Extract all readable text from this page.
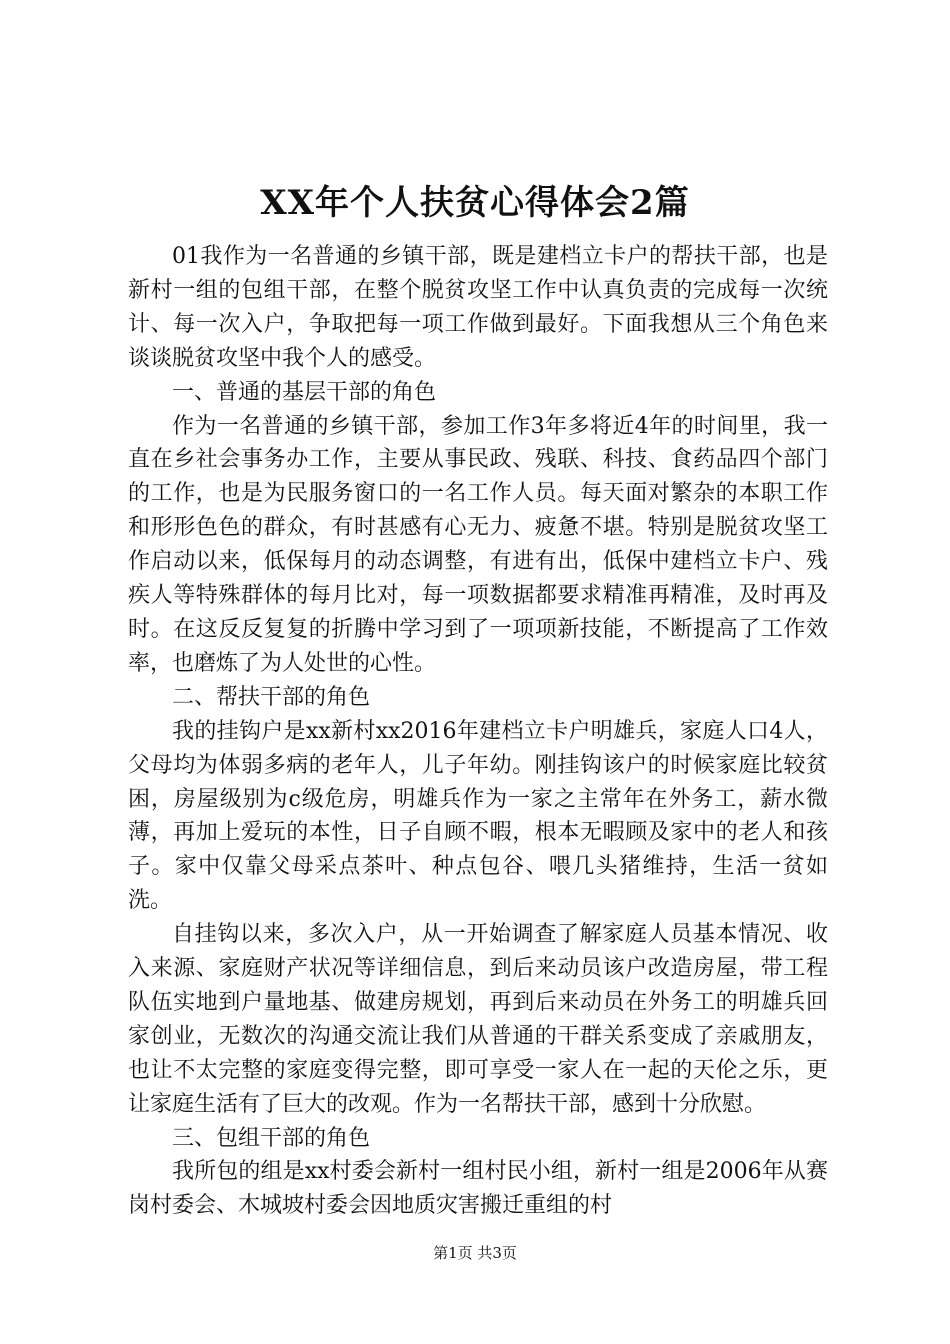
XX年个人扶贫心得体会2篇

01我作为一名普通的乡镇干部，既是建档立卡户的帮扶干部，也是新村一组的包组干部，在整个脱贫攻坚工作中认真负责的完成每一次统计、每一次入户，争取把每一项工作做到最好。下面我想从三个角色来谈谈脱贫攻坚中我个人的感受。

一、普通的基层干部的角色

作为一名普通的乡镇干部，参加工作3年多将近4年的时间里，我一直在乡社会事务办工作，主要从事民政、残联、科技、食药品四个部门的工作，也是为民服务窗口的一名工作人员。每天面对繁杂的本职工作和形形色色的群众，有时甚感有心无力、疲惫不堪。特别是脱贫攻坚工作启动以来，低保每月的动态调整，有进有出，低保中建档立卡户、残疾人等特殊群体的每月比对，每一项数据都要求精准再精准，及时再及时。在这反反复复的折腾中学习到了一项项新技能，不断提高了工作效率，也磨炼了为人处世的心性。

二、帮扶干部的角色

我的挂钩户是xx新村xx2016年建档立卡户明雄兵，家庭人口4人，父母均为体弱多病的老年人，儿子年幼。刚挂钩该户的时候家庭比较贫困，房屋级别为c级危房，明雄兵作为一家之主常年在外务工，薪水微薄，再加上爱玩的本性，日子自顾不暇，根本无暇顾及家中的老人和孩子。家中仅靠父母采点茶叶、种点包谷、喂几头猪维持，生活一贫如洗。

自挂钩以来，多次入户，从一开始调查了解家庭人员基本情况、收入来源、家庭财产状况等详细信息，到后来动员该户改造房屋，带工程队伍实地到户量地基、做建房规划，再到后来动员在外务工的明雄兵回家创业，无数次的沟通交流让我们从普通的干群关系变成了亲戚朋友，也让不太完整的家庭变得完整，即可享受一家人在一起的天伦之乐，更让家庭生活有了巨大的改观。作为一名帮扶干部，感到十分欣慰。

三、包组干部的角色

我所包的组是xx村委会新村一组村民小组，新村一组是2006年从赛岗村委会、木城坡村委会因地质灾害搬迁重组的村

第1页 共3页
